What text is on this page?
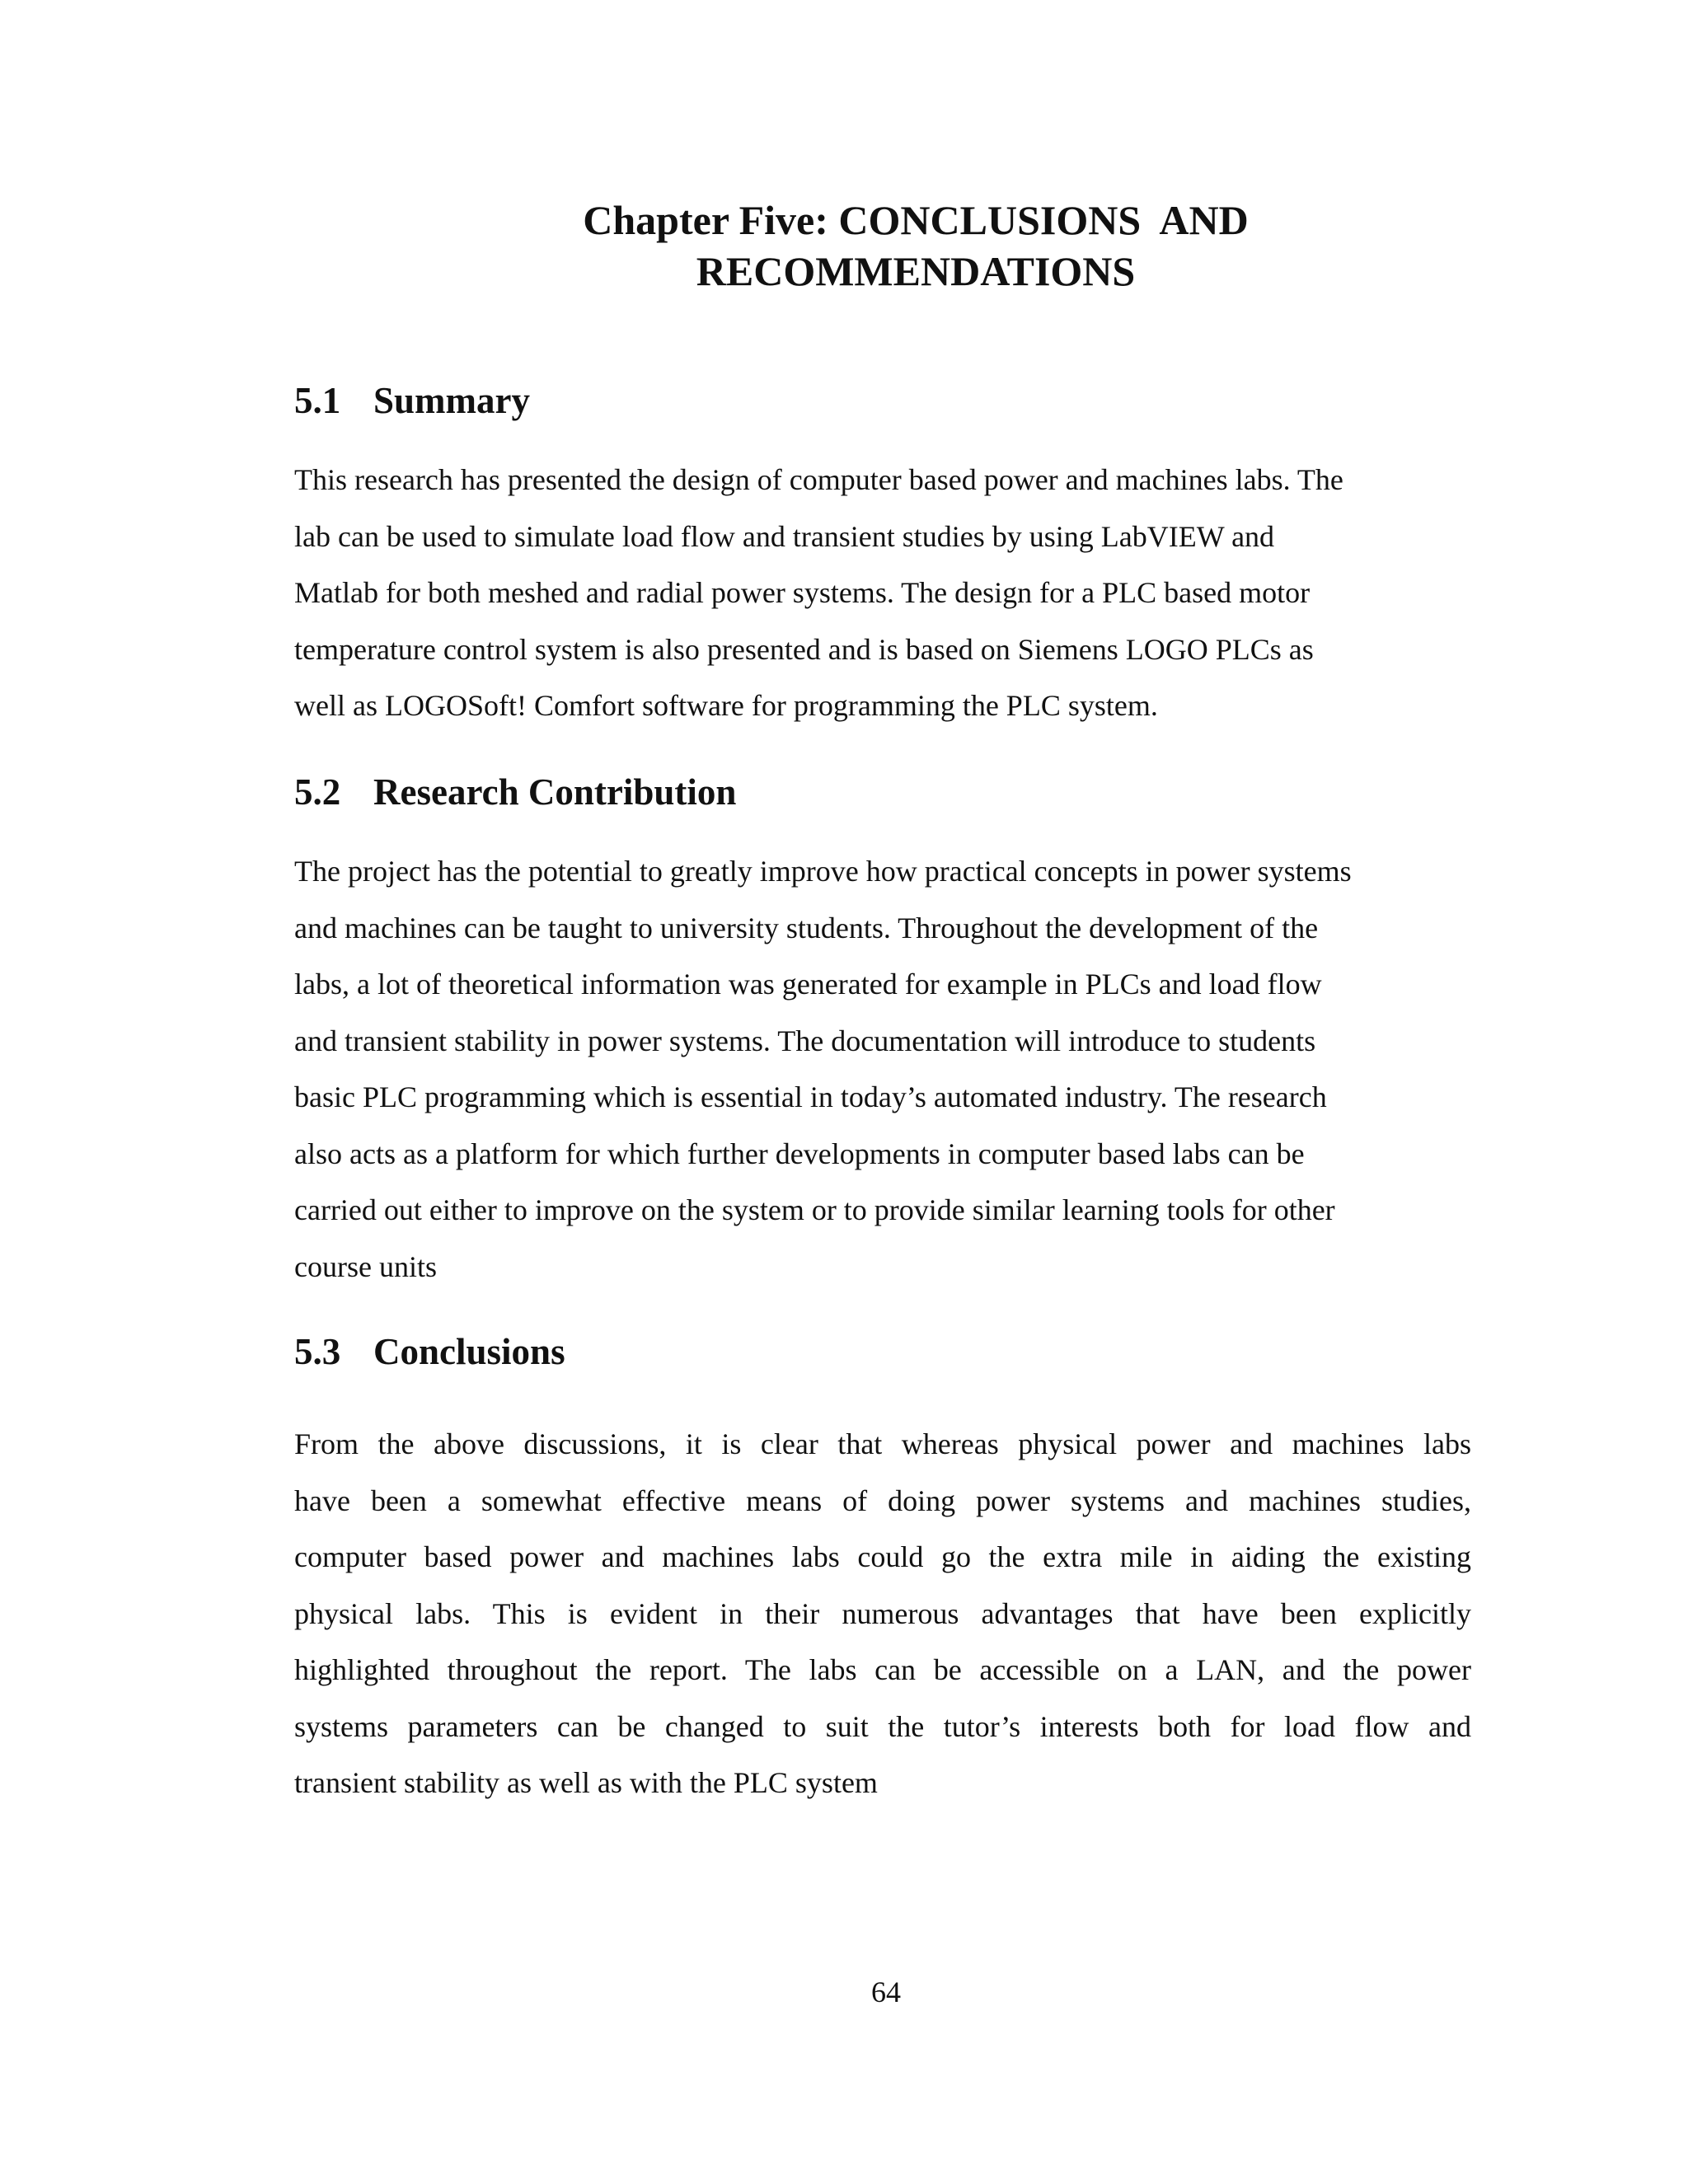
Chapter Five: CONCLUSIONS  AND
RECOMMENDATIONS
5.1 Summary
This research has presented the design of computer based power and machines labs. The
lab can be used to simulate load flow and transient studies by using LabVIEW and
Matlab for both meshed and radial power systems. The design for a PLC based motor
temperature control system is also presented and is based on Siemens LOGO PLCs as
well as LOGOSoft! Comfort software for programming the PLC system.
5.2 Research Contribution
The project has the potential to greatly improve how practical concepts in power systems
and machines can be taught to university students. Throughout the development of the
labs, a lot of theoretical information was generated for example in PLCs and load flow
and transient stability in power systems. The documentation will introduce to students
basic PLC programming which is essential in today’s automated industry. The research
also acts as a platform for which further developments in computer based labs can be
carried out either to improve on the system or to provide similar learning tools for other
course units
5.3 Conclusions
From the above discussions, it is clear that whereas physical power and machines labs
have been a somewhat effective means of doing power systems and machines studies,
computer based power and machines labs could go the extra mile in aiding the existing
physical labs. This is evident in their numerous advantages that have been explicitly
highlighted throughout the report. The labs can be accessible on a LAN, and the power
systems parameters can be changed to suit the tutor’s interests both for load flow and
transient stability as well as with the PLC system

64
